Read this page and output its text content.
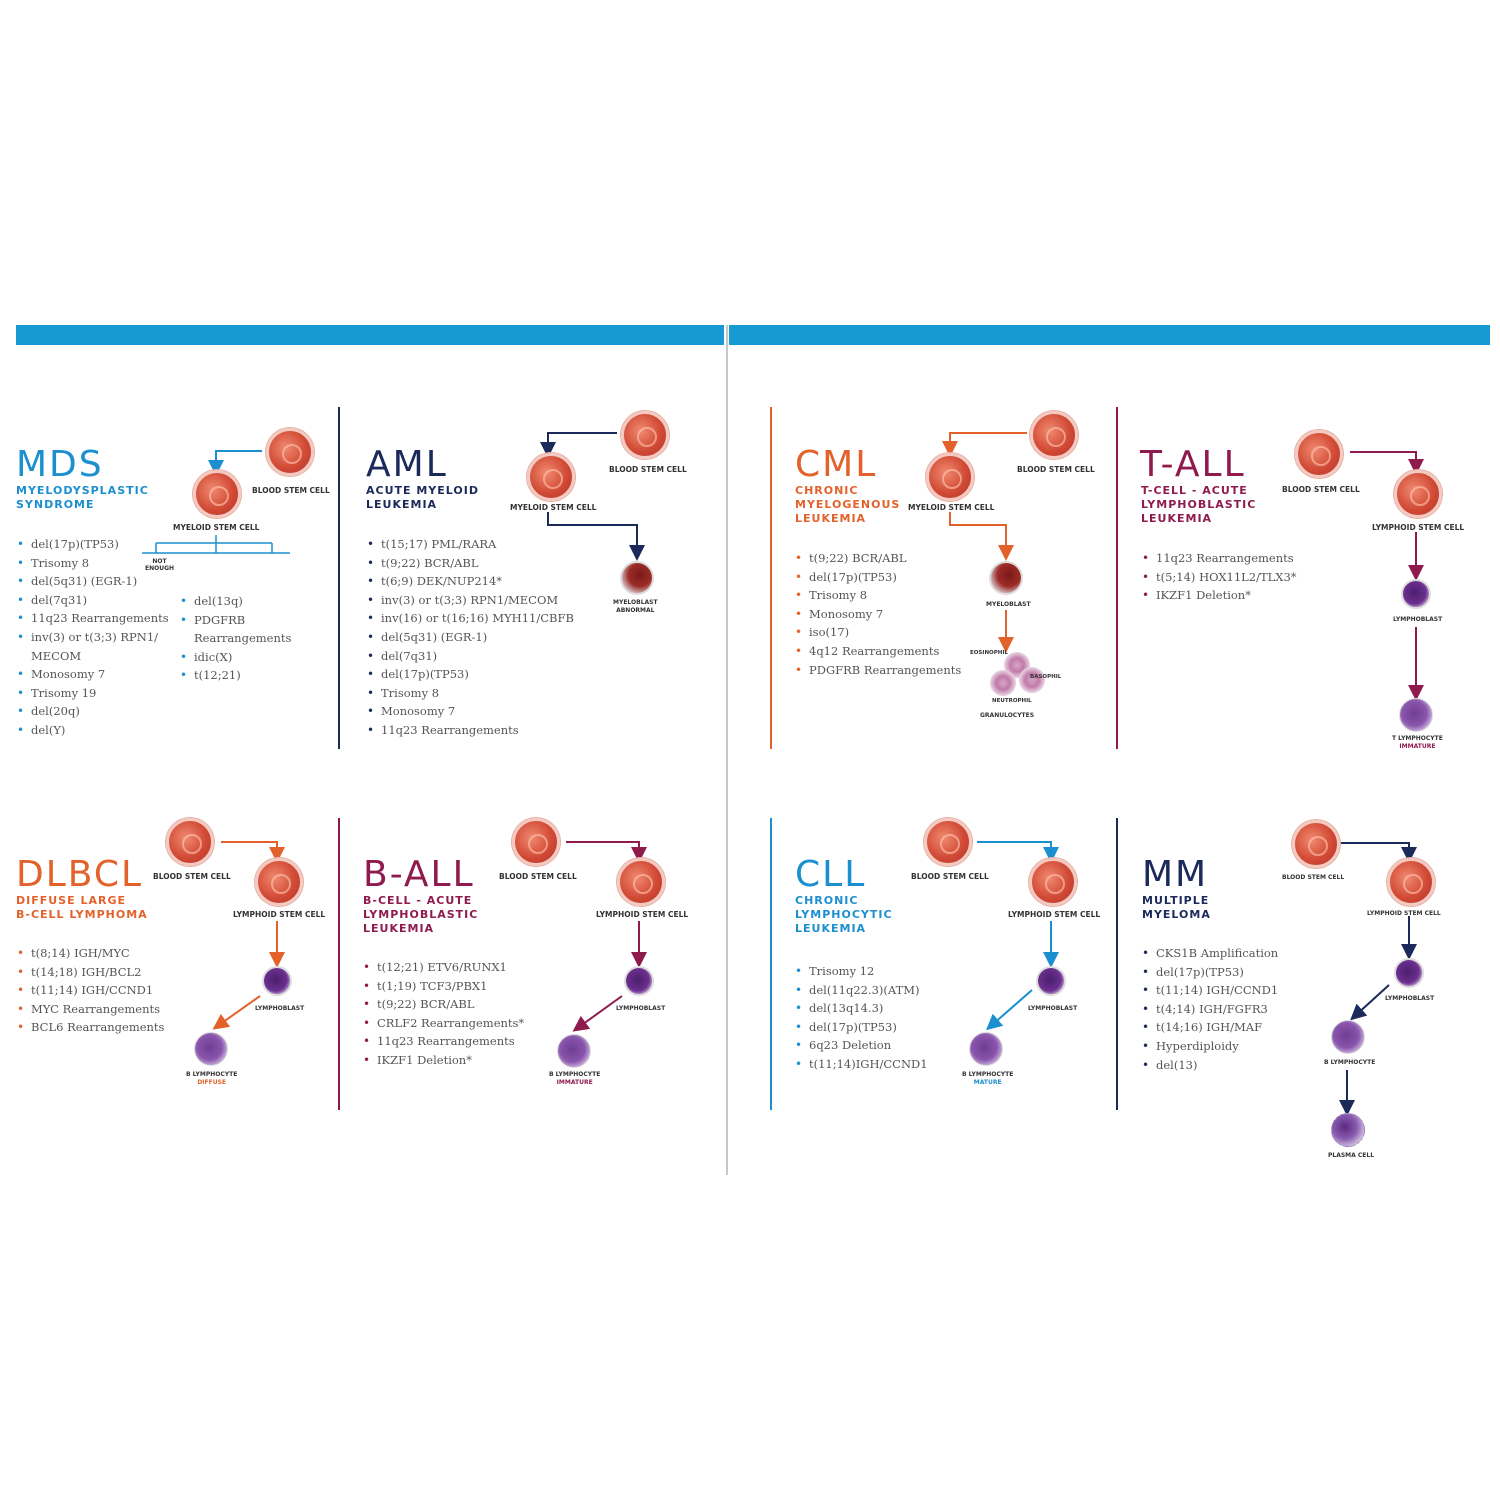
MDS
MYELODYSPLASTIC
SYNDROME
BLOOD STEM CELL
MYELOID STEM CELL
NOT
ENOUGH
• del(17p)(TP53)
• Trisomy 8
• del(5q31) (EGR-1)
• del(7q31)
• 11q23 Rearrangements
• inv(3) or t(3;3) RPN1/
• MECOM
• Monosomy 7
• Trisomy 19
• del(20q)
• del(Y)
• del(13q)
• PDGFRB
• Rearrangements
• idic(X)
• t(12;21)
AML
ACUTE MYELOID
LEUKEMIA
BLOOD STEM CELL
MYELOID STEM CELL
MYELOBLAST
ABNORMAL
• t(15;17) PML/RARA
• t(9;22) BCR/ABL
• t(6;9) DEK/NUP214*
• inv(3) or t(3;3) RPN1/MECOM
• inv(16) or t(16;16) MYH11/CBFB
• del(5q31) (EGR-1)
• del(7q31)
• del(17p)(TP53)
• Trisomy 8
• Monosomy 7
• 11q23 Rearrangements
CML
CHRONIC
MYELOGENOUS
LEUKEMIA
BLOOD STEM CELL
MYELOID STEM CELL
MYELOBLAST
EOSINOPHIL
BASOPHIL
NEUTROPHIL
GRANULOCYTES
• t(9;22) BCR/ABL
• del(17p)(TP53)
• Trisomy 8
• Monosomy 7
• iso(17)
• 4q12 Rearrangements
• PDGFRB Rearrangements
T-ALL
T-CELL - ACUTE
LYMPHOBLASTIC
LEUKEMIA
BLOOD STEM CELL
LYMPHOID STEM CELL
LYMPHOBLAST
T LYMPHOCYTE
IMMATURE
• 11q23 Rearrangements
• t(5;14) HOX11L2/TLX3*
• IKZF1 Deletion*
DLBCL
DIFFUSE LARGE
B-CELL LYMPHOMA
BLOOD STEM CELL
LYMPHOID STEM CELL
LYMPHOBLAST
B LYMPHOCYTE
DIFFUSE
• t(8;14) IGH/MYC
• t(14;18) IGH/BCL2
• t(11;14) IGH/CCND1
• MYC Rearrangements
• BCL6 Rearrangements
B-ALL
B-CELL - ACUTE
LYMPHOBLASTIC
LEUKEMIA
BLOOD STEM CELL
LYMPHOID STEM CELL
LYMPHOBLAST
B LYMPHOCYTE
IMMATURE
• t(12;21) ETV6/RUNX1
• t(1;19) TCF3/PBX1
• t(9;22) BCR/ABL
• CRLF2 Rearrangements*
• 11q23 Rearrangements
• IKZF1 Deletion*
CLL
CHRONIC
LYMPHOCYTIC
LEUKEMIA
BLOOD STEM CELL
LYMPHOID STEM CELL
LYMPHOBLAST
B LYMPHOCYTE
MATURE
• Trisomy 12
• del(11q22.3)(ATM)
• del(13q14.3)
• del(17p)(TP53)
• 6q23 Deletion
• t(11;14)IGH/CCND1
MM
MULTIPLE
MYELOMA
BLOOD STEM CELL
LYMPHOID STEM CELL
LYMPHOBLAST
B LYMPHOCYTE
PLASMA CELL
• CKS1B Amplification
• del(17p)(TP53)
• t(11;14) IGH/CCND1
• t(4;14) IGH/FGFR3
• t(14;16) IGH/MAF
• Hyperdiploidy
• del(13)
